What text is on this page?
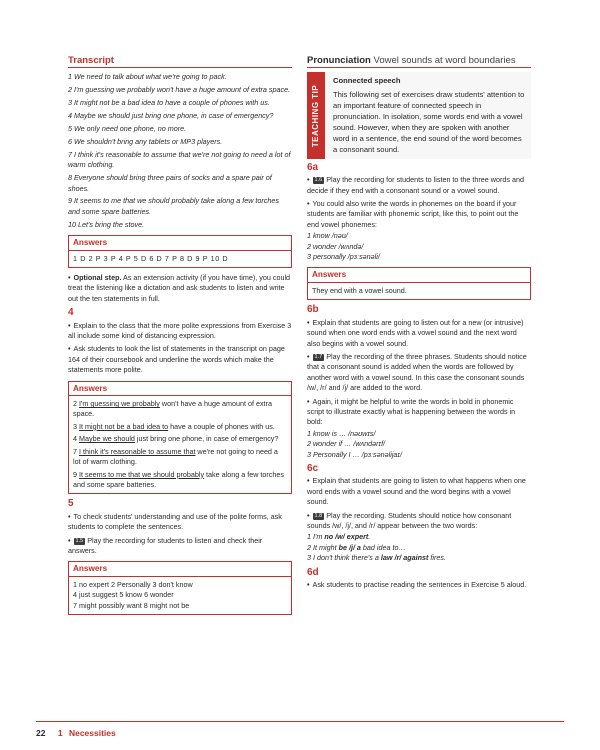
Transcript

1 We need to talk about what we're going to pack.

2 I'm guessing we probably won't have a huge amount of extra space.

3 It might not be a bad idea to have a couple of phones with us.

4 Maybe we should just bring one phone, in case of emergency?

5 We only need one phone, no more.

6 We shouldn't bring any tablets or MP3 players.

7 I think it's reasonable to assume that we're not going to need a lot of warm clothing.

8 Everyone should bring three pairs of socks and a spare pair of shoes.

9 It seems to me that we should probably take along a few torches and some spare batteries.

10 Let's bring the stove.

Answers
1 D 2 P 3 P 4 P 5 D 6 D 7 P 8 D 9 P 10 D

• Optional step. As an extension activity (if you have time), you could treat the listening like a dictation and ask students to listen and write out the ten statements in full.

4

• Explain to the class that the more polite expressions from Exercise 3 all include some kind of distancing expression.

• Ask students to look the list of statements in the transcript on page 164 of their coursebook and underline the words which make the statements more polite.

Answers

2 I'm guessing we probably won't have a huge amount of extra space.

3 It might not be a bad idea to have a couple of phones with us.

4 Maybe we should just bring one phone, in case of emergency?

7 I think it's reasonable to assume that we're not going to need a lot of warm clothing.

9 It seems to me that we should probably take along a few torches and some spare batteries.

5

• To check students' understanding and use of the polite forms, ask students to complete the sentences.

• 1.5 Play the recording for students to listen and check their answers.

Answers
1 no expert 2 Personally 3 don't know
4 just suggest 5 know 6 wonder
7 might possibly want 8 might not be
Pronunciation Vowel sounds at word boundaries
TEACHING TIP
Connected speech
This following set of exercises draw students' attention to an important feature of connected speech in pronunciation. In isolation, some words end with a vowel sound. However, when they are spoken with another word in a sentence, the end sound of the word becomes a consonant sound.
6a

• 1.6 Play the recording for students to listen to the three words and decide if they end with a consonant sound or a vowel sound.

• You could also write the words in phonemes on the board if your students are familiar with phonemic script, like this, to point out the end vowel phonemes:

1 know /nəʊ/

2 wonder /wʌndə/

3 personally /pɜːsənəli/

Answers
They end with a vowel sound.
6b

• Explain that students are going to listen out for a new (or intrusive) sound when one word ends with a vowel sound and the next word also begins with a vowel sound.

• 1.7 Play the recording of the three phrases. Students should notice that a consonant sound is added when the words are followed by another word with a vowel sound. In this case the consonant sounds /w/, /r/ and /j/ are added to the word.

• Again, it might be helpful to write the words in bold in phonemic script to illustrate exactly what is happening between the words in bold:

1 know is … /nəʊwɪs/

2 wonder if … /wʌndərɪf/

3 Personally I … /pɜːsənəlijaɪ/

6c

• Explain that students are going to listen to what happens when one word ends with a vowel sound and the word begins with a vowel sound.

• 1.8 Play the recording. Students should notice how consonant sounds /w/, /j/, and /r/ appear between the two words:

1 I'm no /w/ expert.

2 It might be /j/ a bad idea to…

3 I don't think there's a law /r/ against fires.

6d

• Ask students to practise reading the sentences in Exercise 5 aloud.

22 1 Necessities
